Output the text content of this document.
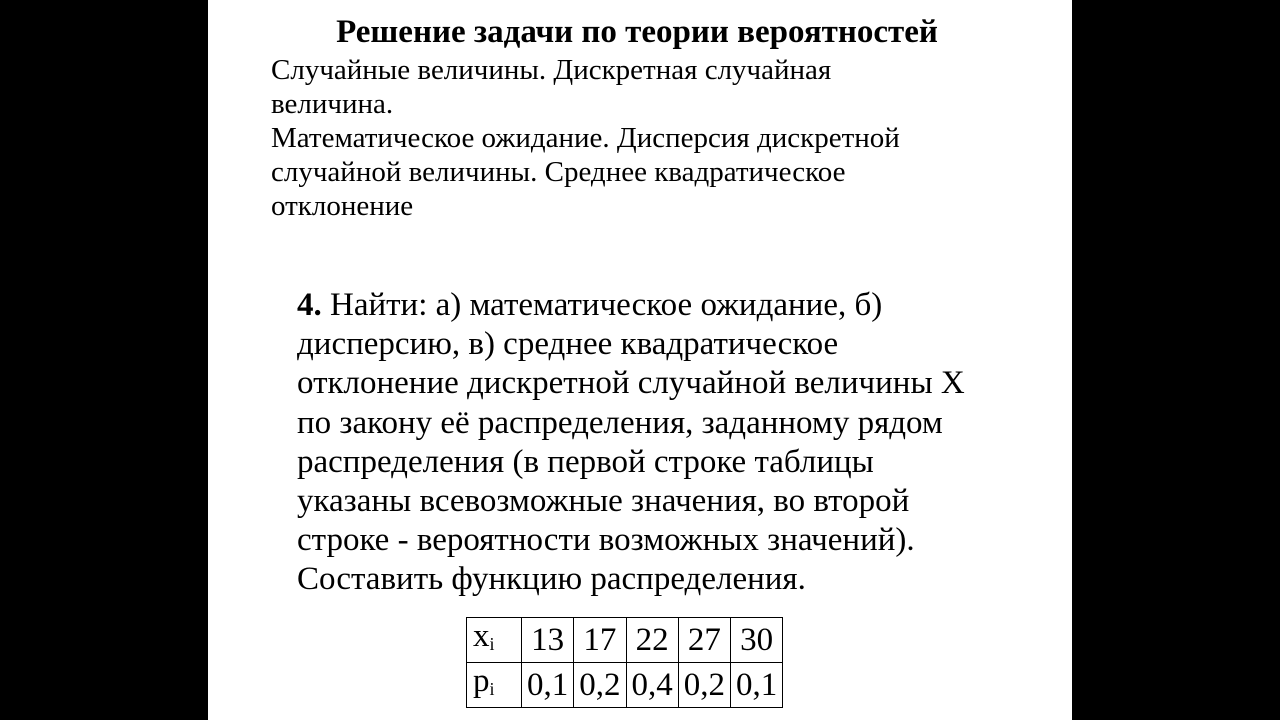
Решение задачи по теории вероятностей
Случайные величины. Дискретная случайная
величина.
Математическое ожидание. Дисперсия дискретной
случайной величины. Среднее квадратическое
отклонение
4. Найти: а) математическое ожидание, б)
дисперсию, в) среднее квадратическое
отклонение дискретной случайной величины X
по закону её распределения, заданному рядом
распределения (в первой строке таблицы
указаны всевозможные значения, во второй
строке - вероятности возможных значений).
Составить функцию распределения.
$x_i$	13	17	22	27	30
$p_i$	0,1	0,2	0,4	0,2	0,1
